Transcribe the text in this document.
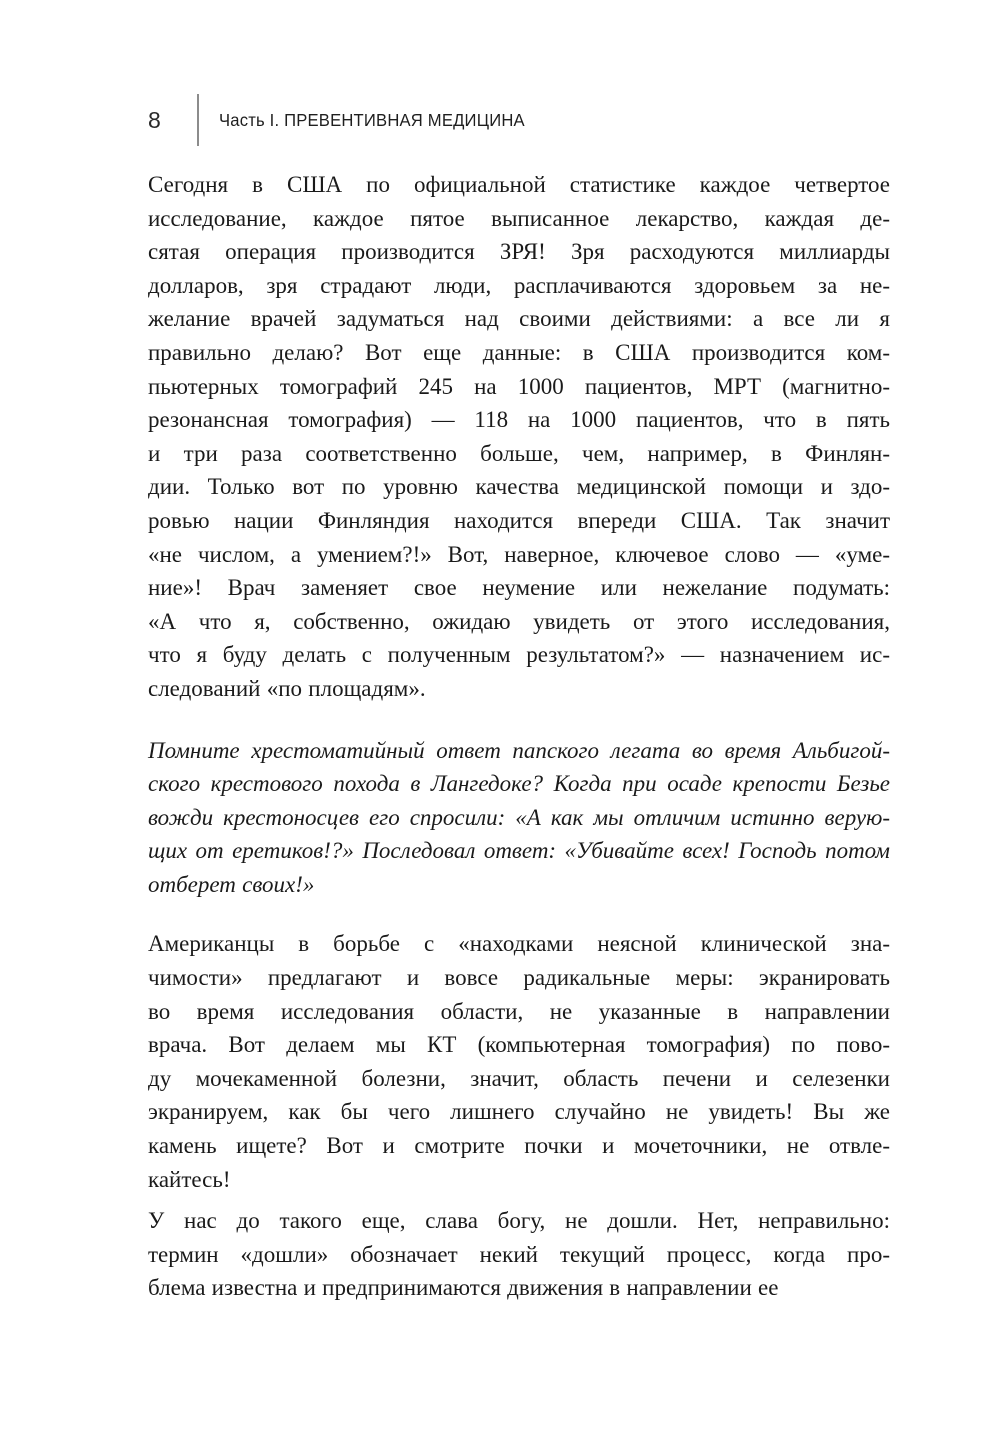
8	Часть I. ПРЕВЕНТИВНАЯ МЕДИЦИНА
Сегодня в США по официальной статистике каждое четвертое
исследование, каждое пятое выписанное лекарство, каждая де-
сятая операция производится ЗРЯ! Зря расходуются миллиарды
долларов, зря страдают люди, расплачиваются здоровьем за не-
желание врачей задуматься над своими действиями: а все ли я
правильно делаю? Вот еще данные: в США производится ком-
пьютерных томографий 245 на 1000 пациентов, МРТ (магнитно-
резонансная томография) — 118 на 1000 пациентов, что в пять
и три раза соответственно больше, чем, например, в Финлян-
дии. Только вот по уровню качества медицинской помощи и здо-
ровью нации Финляндия находится впереди США. Так значит
«не числом, а умением?!» Вот, наверное, ключевое слово — «уме-
ние»! Врач заменяет свое неумение или нежелание подумать:
«А что я, собственно, ожидаю увидеть от этого исследования,
что я буду делать с полученным результатом?» — назначением ис-
следований «по площадям».
Помните хрестоматийный ответ папского легата во время Альбигой-
ского крестового похода в Лангедоке? Когда при осаде крепости Безье
вожди крестоносцев его спросили: «А как мы отличим истинно верую-
щих от еретиков!?» Последовал ответ: «Убивайте всех! Господь потом
отберет своих!»
Американцы в борьбе с «находками неясной клинической зна-
чимости» предлагают и вовсе радикальные меры: экранировать
во время исследования области, не указанные в направлении
врача. Вот делаем мы КТ (компьютерная томография) по пово-
ду мочекаменной болезни, значит, область печени и селезенки
экранируем, как бы чего лишнего случайно не увидеть! Вы же
камень ищете? Вот и смотрите почки и мочеточники, не отвле-
кайтесь!
У нас до такого еще, слава богу, не дошли. Нет, неправильно:
термин «дошли» обозначает некий текущий процесс, когда про-
блема известна и предпринимаются движения в направлении ее
